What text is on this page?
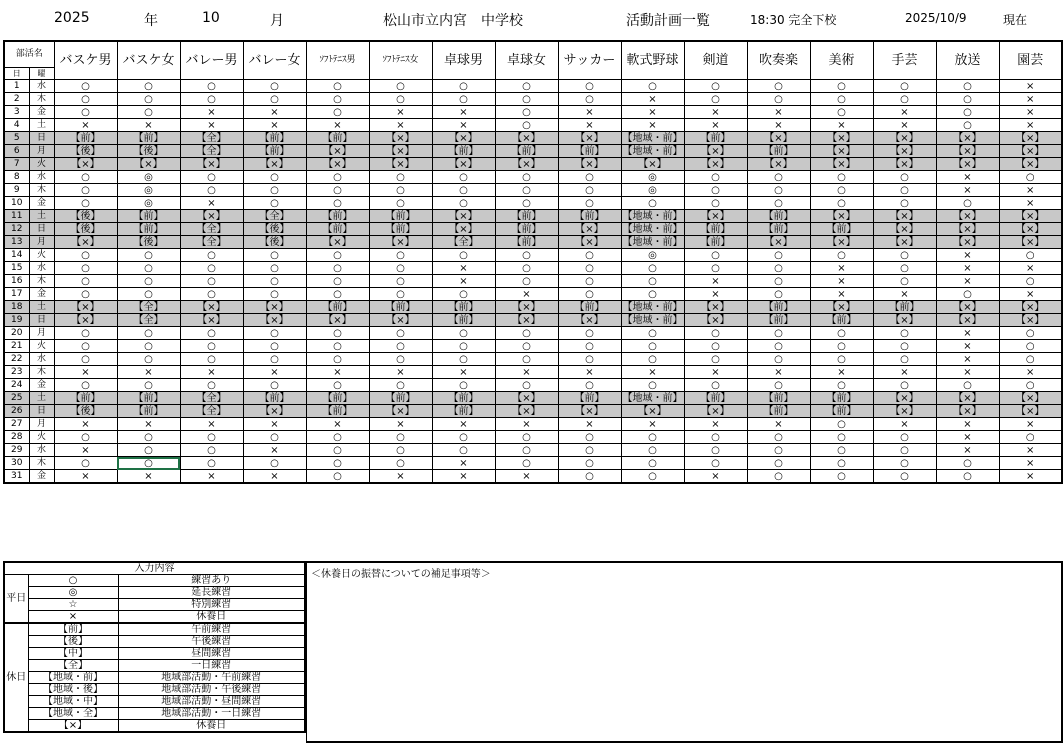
2025	年	10	月	松山市立内宮　中学校	活動計画一覧	18:30 完全下校	2025/10/9	現在
部活名		バスケ男	バスケ女	バレー男	バレー女	ｿﾌﾄﾃﾆｽ男	ｿﾌﾄﾃﾆｽ女	卓球男	卓球女	サッカー	軟式野球	剣道	吹奏楽	美術	手芸	放送	園芸
日	曜																
1	水	○	○	○	○	○	○	○	○	○	○	○	○	○	○	○	×
2	木	○	○	○	○	○	○	○	○	○	×	○	○	○	○	○	×
3	金	○	○	×	×	○	×	×	○	×	×	×	×	○	×	○	×
4	土	×	×	×	×	×	×	×	○	×	×	×	×	×	×	○	×
5	日	【前】	【前】	【全】	【前】	【前】	【×】	【×】	【×】	【×】	【地域・前】	【前】	【×】	【×】	【×】	【×】	【×】
6	月	【後】	【後】	【全】	【前】	【×】	【×】	【前】	【前】	【前】	【地域・前】	【×】	【前】	【×】	【×】	【×】	【×】
7	火	【×】	【×】	【×】	【×】	【×】	【×】	【×】	【×】	【×】	【×】	【×】	【×】	【×】	【×】	【×】	【×】
8	水	○	◎	○	○	○	○	○	○	○	◎	○	○	○	○	×	○
9	木	○	◎	○	○	○	○	○	○	○	◎	○	○	○	○	×	×
10	金	○	◎	×	○	○	○	○	○	○	○	○	○	○	○	○	×
11	土	【後】	【前】	【×】	【全】	【前】	【前】	【×】	【前】	【前】	【地域・前】	【×】	【前】	【×】	【×】	【×】	【×】
12	日	【後】	【前】	【全】	【後】	【前】	【前】	【×】	【前】	【×】	【地域・前】	【前】	【前】	【前】	【×】	【×】	【×】
13	月	【×】	【後】	【全】	【後】	【×】	【×】	【全】	【前】	【×】	【地域・前】	【前】	【×】	【×】	【×】	【×】	【×】
14	火	○	○	○	○	○	○	○	○	○	◎	○	○	○	○	×	○
15	水	○	○	○	○	○	○	×	○	○	○	○	○	×	○	×	×
16	木	○	○	○	○	○	○	×	○	○	○	×	○	×	○	×	○
17	金	○	○	○	○	○	○	○	×	○	○	×	○	×	×	○	×
18	土	【×】	【全】	【×】	【×】	【前】	【前】	【前】	【×】	【前】	【地域・前】	【×】	【前】	【×】	【前】	【×】	【×】
19	日	【×】	【全】	【×】	【×】	【×】	【×】	【前】	【×】	【×】	【地域・前】	【×】	【前】	【前】	【×】	【×】	【×】
20	月	○	○	○	○	○	○	○	○	○	○	○	○	○	○	×	○
21	火	○	○	○	○	○	○	○	○	○	○	○	○	○	○	×	○
22	水	○	○	○	○	○	○	○	○	○	○	○	○	○	○	×	○
23	木	×	×	×	×	×	×	×	×	×	×	×	×	×	×	×	×
24	金	○	○	○	○	○	○	○	○	○	○	○	○	○	○	○	○
25	土	【前】	【前】	【全】	【前】	【前】	【前】	【前】	【×】	【前】	【地域・前】	【前】	【前】	【前】	【×】	【×】	【×】
26	日	【後】	【前】	【全】	【×】	【前】	【×】	【前】	【×】	【×】	【×】	【×】	【前】	【前】	【×】	【×】	【×】
27	月	×	×	×	×	×	×	×	×	×	×	×	×	○	×	×	×
28	火	○	○	○	○	○	○	○	○	○	○	○	○	○	○	×	○
29	水	×	○	○	×	○	○	○	○	○	○	○	○	○	○	×	×
30	木	○	○	○	○	○	○	×	○	○	○	○	○	○	○	○	×
31	金	×	×	×	×	○	×	×	×	○	○	×	○	○	○	○	×
入力内容		
平日	○	練習あり
	◎	延長練習
	☆	特別練習
	×	休養日
休日	【前】	午前練習
	【後】	午後練習
	【中】	昼間練習
	【全】	一日練習
	【地域・前】	地域部活動・午前練習
	【地域・後】	地域部活動・午後練習
	【地域・中】	地域部活動・昼間練習
	【地域・全】	地域部活動・一日練習
	【×】	休養日
＜休養日の振替についての補足事項等＞
